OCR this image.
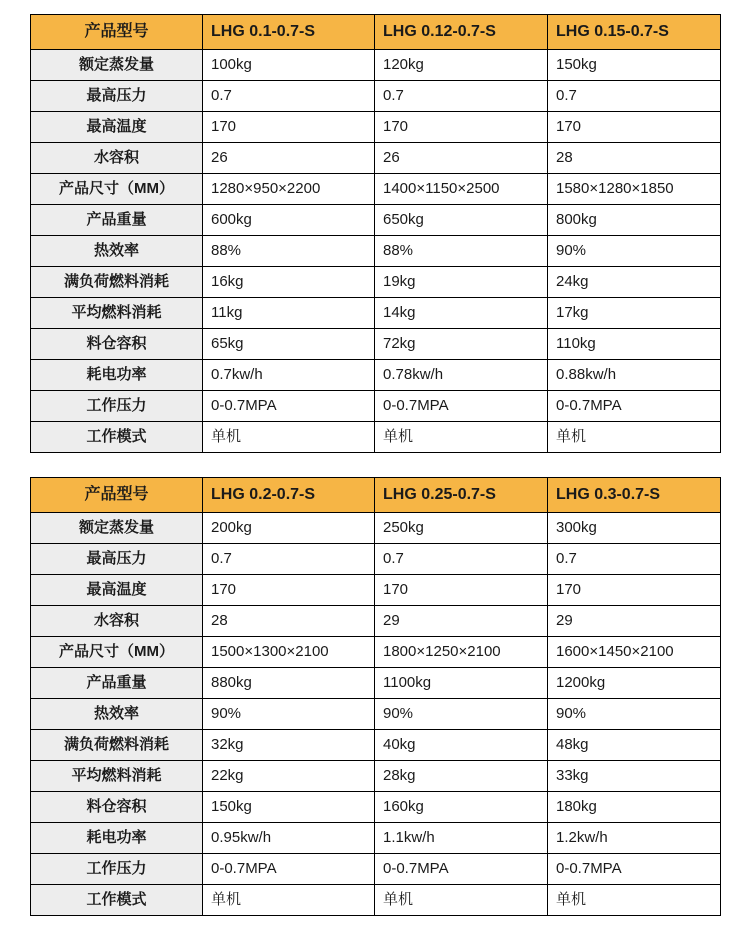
产品型号	LHG 0.1-0.7-S	LHG 0.12-0.7-S	LHG 0.15-0.7-S
额定蒸发量	100kg	120kg	150kg
最高压力	0.7	0.7	0.7
最高温度	170	170	170
水容积	26	26	28
产品尺寸（MM）	1280×950×2200	1400×1150×2500	1580×1280×1850
产品重量	600kg	650kg	800kg
热效率	88%	88%	90%
满负荷燃料消耗	16kg	19kg	24kg
平均燃料消耗	11kg	14kg	17kg
料仓容积	65kg	72kg	110kg
耗电功率	0.7kw/h	0.78kw/h	0.88kw/h
工作压力	0-0.7MPA	0-0.7MPA	0-0.7MPA
工作模式	单机	单机	单机
产品型号	LHG 0.2-0.7-S	LHG 0.25-0.7-S	LHG 0.3-0.7-S
额定蒸发量	200kg	250kg	300kg
最高压力	0.7	0.7	0.7
最高温度	170	170	170
水容积	28	29	29
产品尺寸（MM）	1500×1300×2100	1800×1250×2100	1600×1450×2100
产品重量	880kg	1100kg	1200kg
热效率	90%	90%	90%
满负荷燃料消耗	32kg	40kg	48kg
平均燃料消耗	22kg	28kg	33kg
料仓容积	150kg	160kg	180kg
耗电功率	0.95kw/h	1.1kw/h	1.2kw/h
工作压力	0-0.7MPA	0-0.7MPA	0-0.7MPA
工作模式	单机	单机	单机
